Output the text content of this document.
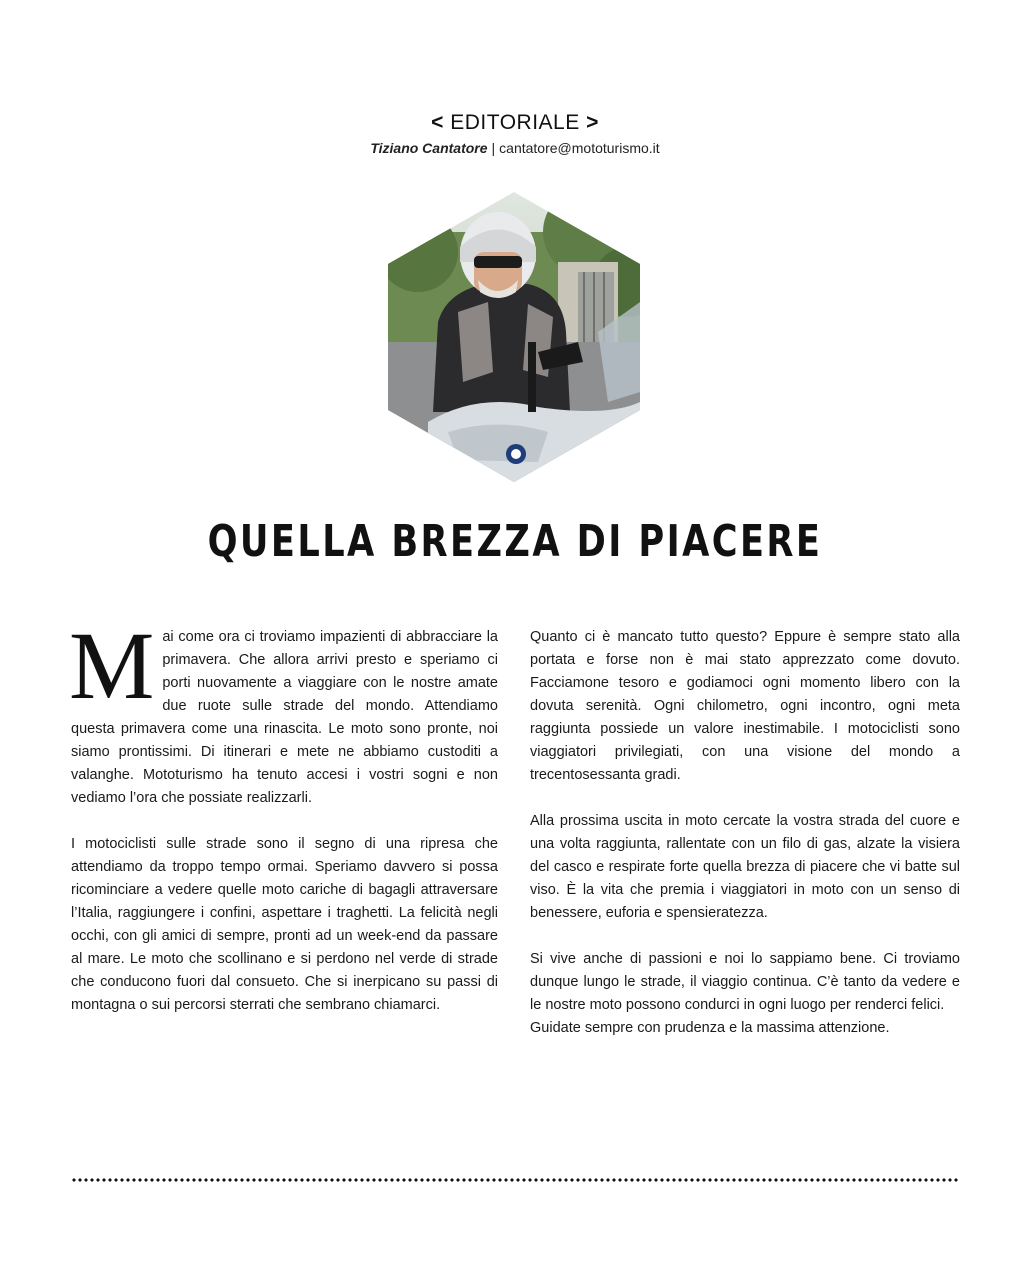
< EDITORIALE >
Tiziano Cantatore | cantatore@mototurismo.it
QUELLA BREZZA DI PIACERE

Mai come ora ci troviamo impazienti di abbracciare la primavera. Che allora arrivi presto e speriamo ci porti nuovamente a viaggiare con le nostre amate due ruote sulle strade del mondo. Attendiamo questa primavera come una rinascita. Le moto sono pronte, noi siamo prontissimi. Di itinerari e mete ne abbiamo custoditi a valanghe. Mototurismo ha tenuto accesi i vostri sogni e non vediamo l’ora che possiate realizzarli.

I motociclisti sulle strade sono il segno di una ripresa che attendiamo da troppo tempo ormai. Speriamo davvero si possa ricominciare a vedere quelle moto cariche di bagagli attraversare l’Italia, raggiungere i confini, aspettare i traghetti. La felicità negli occhi, con gli amici di sempre, pronti ad un week-end da passare al mare. Le moto che scollinano e si perdono nel verde di strade che conducono fuori dal consueto. Che si inerpicano su passi di montagna o sui percorsi sterrati che sembrano chiamarci.

Quanto ci è mancato tutto questo? Eppure è sempre stato alla portata e forse non è mai stato apprezzato come dovuto. Facciamone tesoro e godiamoci ogni momento libero con la dovuta serenità. Ogni chilometro, ogni incontro, ogni meta raggiunta possiede un valore inestimabile. I motociclisti sono viaggiatori privilegiati, con una visione del mondo a trecentosessanta gradi.

Alla prossima uscita in moto cercate la vostra strada del cuore e una volta raggiunta, rallentate con un filo di gas, alzate la visiera del casco e respirate forte quella brezza di piacere che vi batte sul viso. È la vita che premia i viaggiatori in moto con un senso di benessere, euforia e spensieratezza.

Si vive anche di passioni e noi lo sappiamo bene. Ci troviamo dunque lungo le strade, il viaggio continua. C’è tanto da vedere e le nostre moto possono condurci in ogni luogo per renderci felici.

Guidate sempre con prudenza e la massima attenzione.
